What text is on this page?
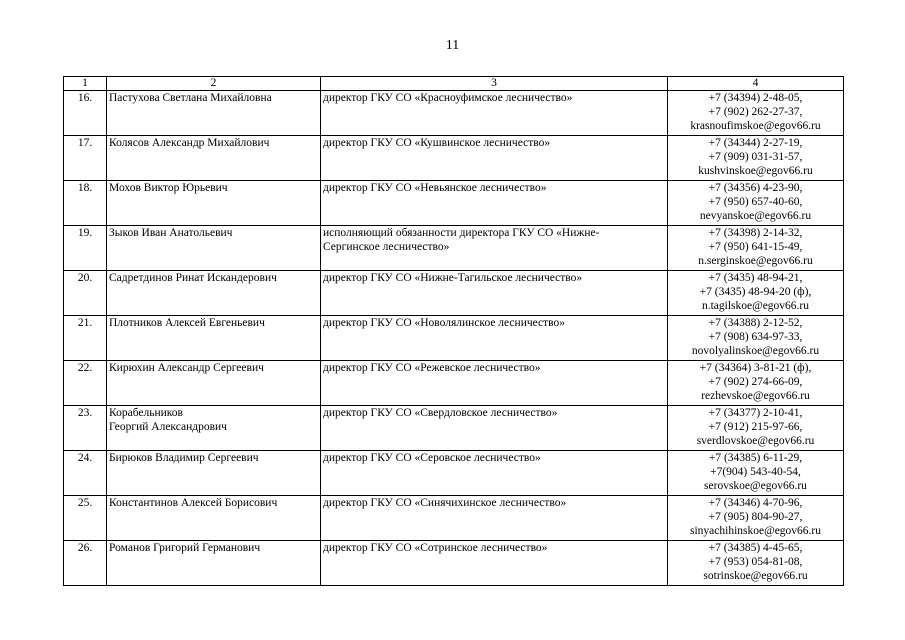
11
1	2	3	4
16.	Пастухова Светлана Михайловна	директор ГКУ СО «Красноуфимское лесничество»	+7 (34394) 2-48-05,
+7 (902) 262-27-37,
krasnoufimskoe@egov66.ru

17.	Колясов Александр Михайлович	директор ГКУ СО «Кушвинское лесничество»	+7 (34344) 2-27-19,
+7 (909) 031-31-57,
kushvinskoe@egov66.ru

18.	Мохов Виктор Юрьевич	директор ГКУ СО «Невьянское лесничество»	+7 (34356) 4-23-90,
+7 (950) 657-40-60,
nevyanskoe@egov66.ru

19.	Зыков Иван Анатольевич	исполняющий обязанности директора ГКУ СО «Нижне-
Сергинское лесничество»	+7 (34398) 2-14-32,
+7 (950) 641-15-49,
n.serginskoe@egov66.ru

20.	Садретдинов Ринат Искандерович	директор ГКУ СО «Нижне-Тагильское лесничество»	+7 (3435) 48-94-21,
+7 (3435) 48-94-20 (ф),
n.tagilskoe@egov66.ru

21.	Плотников Алексей Евгеньевич	директор ГКУ СО «Новолялинское лесничество»	+7 (34388) 2-12-52,
+7 (908) 634-97-33,
novolyalinskoe@egov66.ru

22.	Кирюхин Александр Сергеевич	директор ГКУ СО «Режевское лесничество»	+7 (34364) 3-81-21 (ф),
+7 (902) 274-66-09,
rezhevskoe@egov66.ru

23.	Корабельников
Георгий Александрович	директор ГКУ СО «Свердловское лесничество»	+7 (34377) 2-10-41,
+7 (912) 215-97-66,
sverdlovskoe@egov66.ru

24.	Бирюков Владимир Сергеевич	директор ГКУ СО «Серовское лесничество»	+7 (34385) 6-11-29,
+7(904) 543-40-54,
serovskoe@egov66.ru

25.	Константинов Алексей Борисович	директор ГКУ СО «Синячихинское лесничество»	+7 (34346) 4-70-96,
+7 (905) 804-90-27,
sinyachihinskoe@egov66.ru

26.	Романов Григорий Германович	директор ГКУ СО «Сотринское лесничество»	+7 (34385) 4-45-65,
+7 (953) 054-81-08,
sotrinskoe@egov66.ru
